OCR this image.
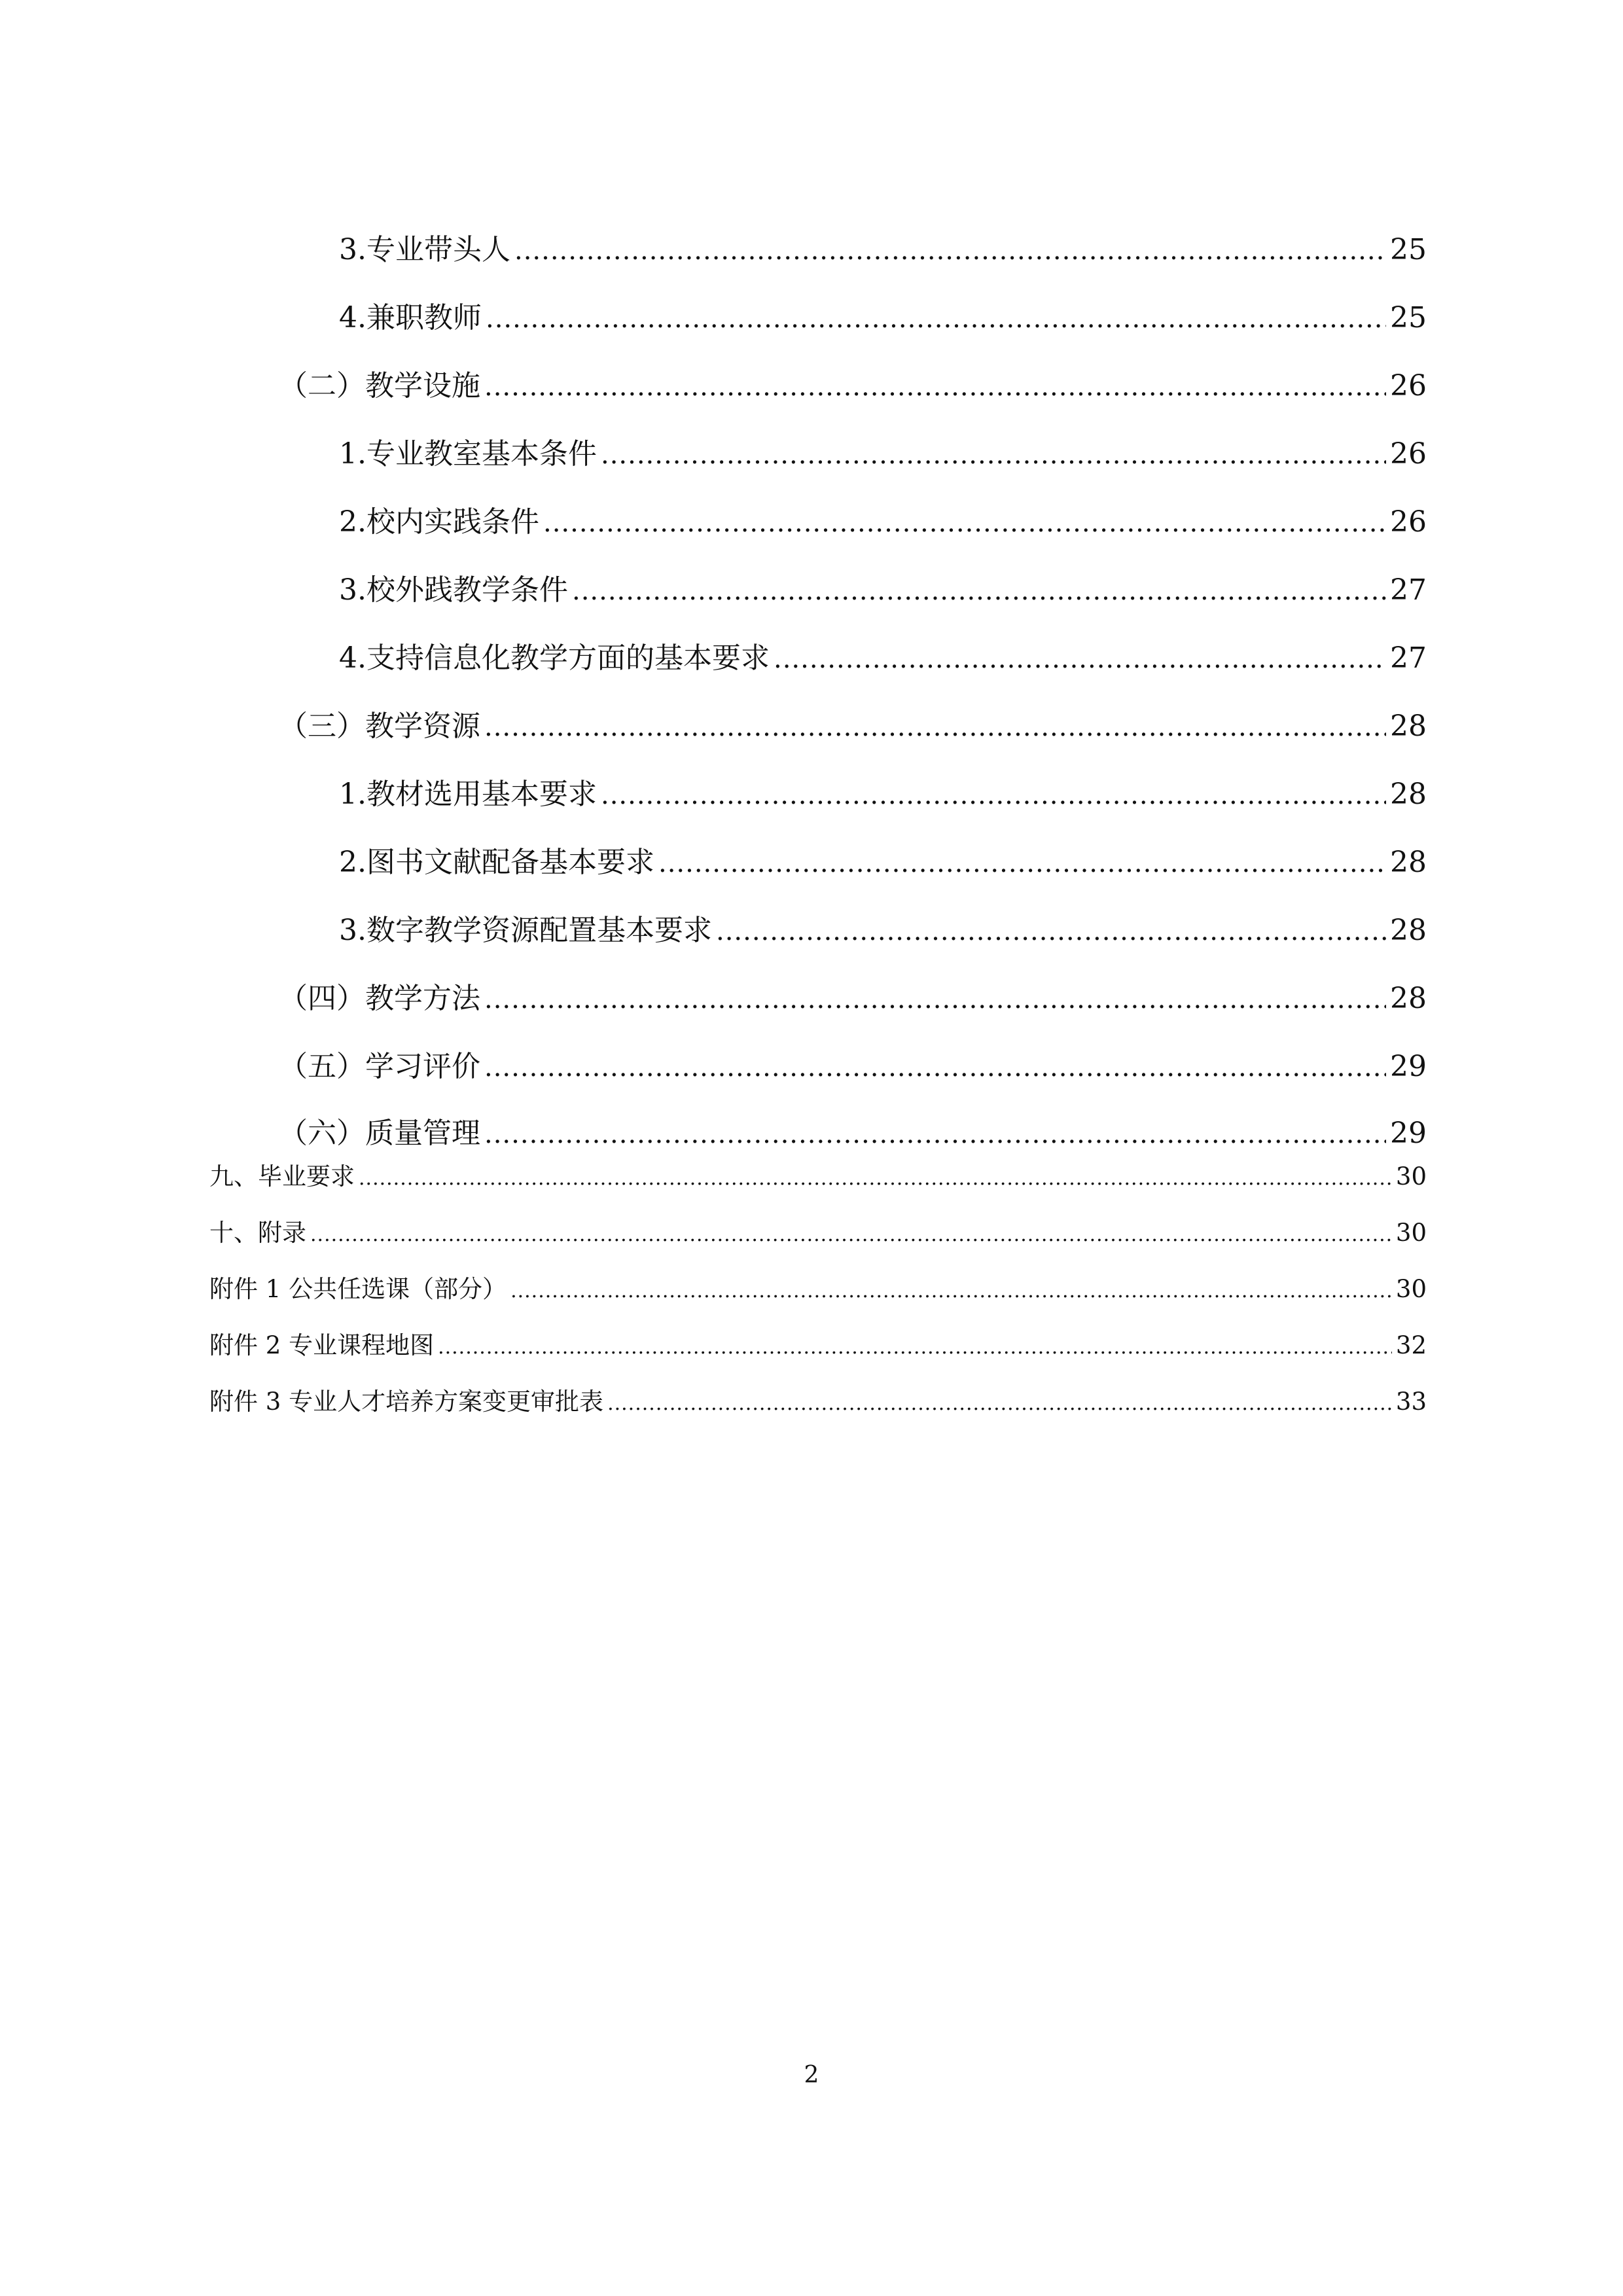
3.专业带头人 .....	25
4.兼职教师 .....	25
（二）教学设施 .....	26
1.专业教室基本条件 .....	26
2.校内实践条件 .....	26
3.校外践教学条件 .....	27
4.支持信息化教学方面的基本要求 .....	27
（三）教学资源 .....	28
1.教材选用基本要求 .....	28
2.图书文献配备基本要求 .....	28
3.数字教学资源配置基本要求 .....	28
（四）教学方法 .....	28
（五）学习评价 .....	29
（六）质量管理 .....	29
九、毕业要求 .....	30
十、附录 .....	30
附件 1 公共任选课（部分） .....	30
附件 2 专业课程地图 .....	32
附件 3 专业人才培养方案变更审批表 .....	33
2
